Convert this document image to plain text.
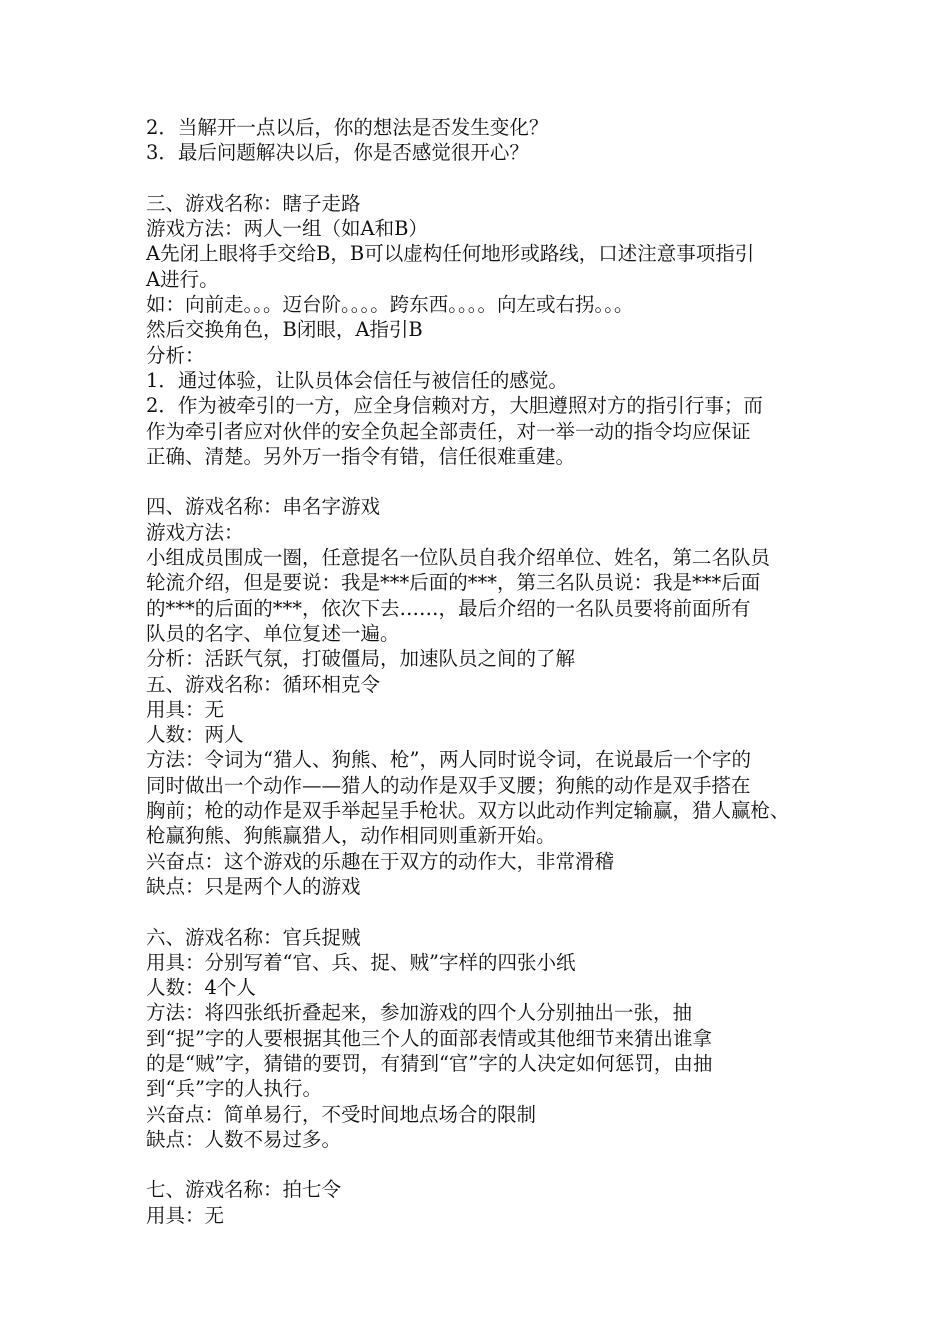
2．当解开一点以后，你的想法是否发生变化？
3．最后问题解决以后，你是否感觉很开心？
三、游戏名称：瞎子走路
游戏方法：两人一组（如A和B）
A先闭上眼将手交给B，B可以虚构任何地形或路线，口述注意事项指引
A进行。
如：向前走。。。迈台阶。。。。跨东西。。。。向左或右拐。。。
然后交换角色，B闭眼，A指引B
分析：
1．通过体验，让队员体会信任与被信任的感觉。
2．作为被牵引的一方，应全身信赖对方，大胆遵照对方的指引行事；而
作为牵引者应对伙伴的安全负起全部责任，对一举一动的指令均应保证
正确、清楚。另外万一指令有错，信任很难重建。
四、游戏名称：串名字游戏
游戏方法：
小组成员围成一圈，任意提名一位队员自我介绍单位、姓名，第二名队员
轮流介绍，但是要说：我是***后面的***，第三名队员说：我是***后面
的***的后面的***，依次下去……，最后介绍的一名队员要将前面所有
队员的名字、单位复述一遍。
分析：活跃气氛，打破僵局，加速队员之间的了解
五、游戏名称：循环相克令
用具：无
人数：两人
方法：令词为“猎人、狗熊、枪”，两人同时说令词，在说最后一个字的
同时做出一个动作——猎人的动作是双手叉腰；狗熊的动作是双手搭在
胸前；枪的动作是双手举起呈手枪状。双方以此动作判定输赢，猎人赢枪、
枪赢狗熊、狗熊赢猎人，动作相同则重新开始。
兴奋点：这个游戏的乐趣在于双方的动作大，非常滑稽
缺点：只是两个人的游戏
六、游戏名称：官兵捉贼
用具：分别写着“官、兵、捉、贼”字样的四张小纸
人数：4个人
方法：将四张纸折叠起来，参加游戏的四个人分别抽出一张，抽
到“捉”字的人要根据其他三个人的面部表情或其他细节来猜出谁拿
的是“贼”字，猜错的要罚，有猜到“官”字的人决定如何惩罚，由抽
到“兵”字的人执行。
兴奋点：简单易行，不受时间地点场合的限制
缺点：人数不易过多。
七、游戏名称：拍七令
用具：无
